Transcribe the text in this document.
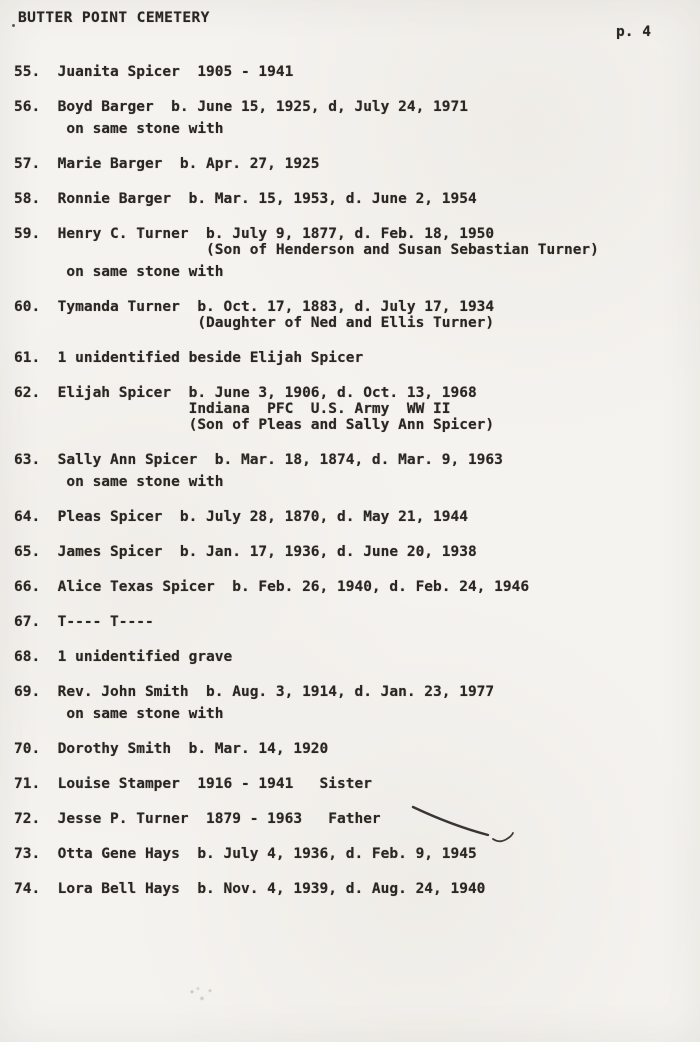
BUTTER POINT CEMETERY
p. 4
55.  Juanita Spicer  1905 - 1941
56.  Boyd Barger  b. June 15, 1925, d, July 24, 1971
on same stone with
57.  Marie Barger  b. Apr. 27, 1925
58.  Ronnie Barger  b. Mar. 15, 1953, d. June 2, 1954
59.  Henry C. Turner  b. July 9, 1877, d. Feb. 18, 1950
(Son of Henderson and Susan Sebastian Turner)
on same stone with
60.  Tymanda Turner  b. Oct. 17, 1883, d. July 17, 1934
(Daughter of Ned and Ellis Turner)
61.  1 unidentified beside Elijah Spicer
62.  Elijah Spicer  b. June 3, 1906, d. Oct. 13, 1968
Indiana  PFC  U.S. Army  WW II
(Son of Pleas and Sally Ann Spicer)
63.  Sally Ann Spicer  b. Mar. 18, 1874, d. Mar. 9, 1963
on same stone with
64.  Pleas Spicer  b. July 28, 1870, d. May 21, 1944
65.  James Spicer  b. Jan. 17, 1936, d. June 20, 1938
66.  Alice Texas Spicer  b. Feb. 26, 1940, d. Feb. 24, 1946
67.  T---- T----
68.  1 unidentified grave
69.  Rev. John Smith  b. Aug. 3, 1914, d. Jan. 23, 1977
on same stone with
70.  Dorothy Smith  b. Mar. 14, 1920
71.  Louise Stamper  1916 - 1941   Sister
72.  Jesse P. Turner  1879 - 1963   Father
73.  Otta Gene Hays  b. July 4, 1936, d. Feb. 9, 1945
74.  Lora Bell Hays  b. Nov. 4, 1939, d. Aug. 24, 1940
